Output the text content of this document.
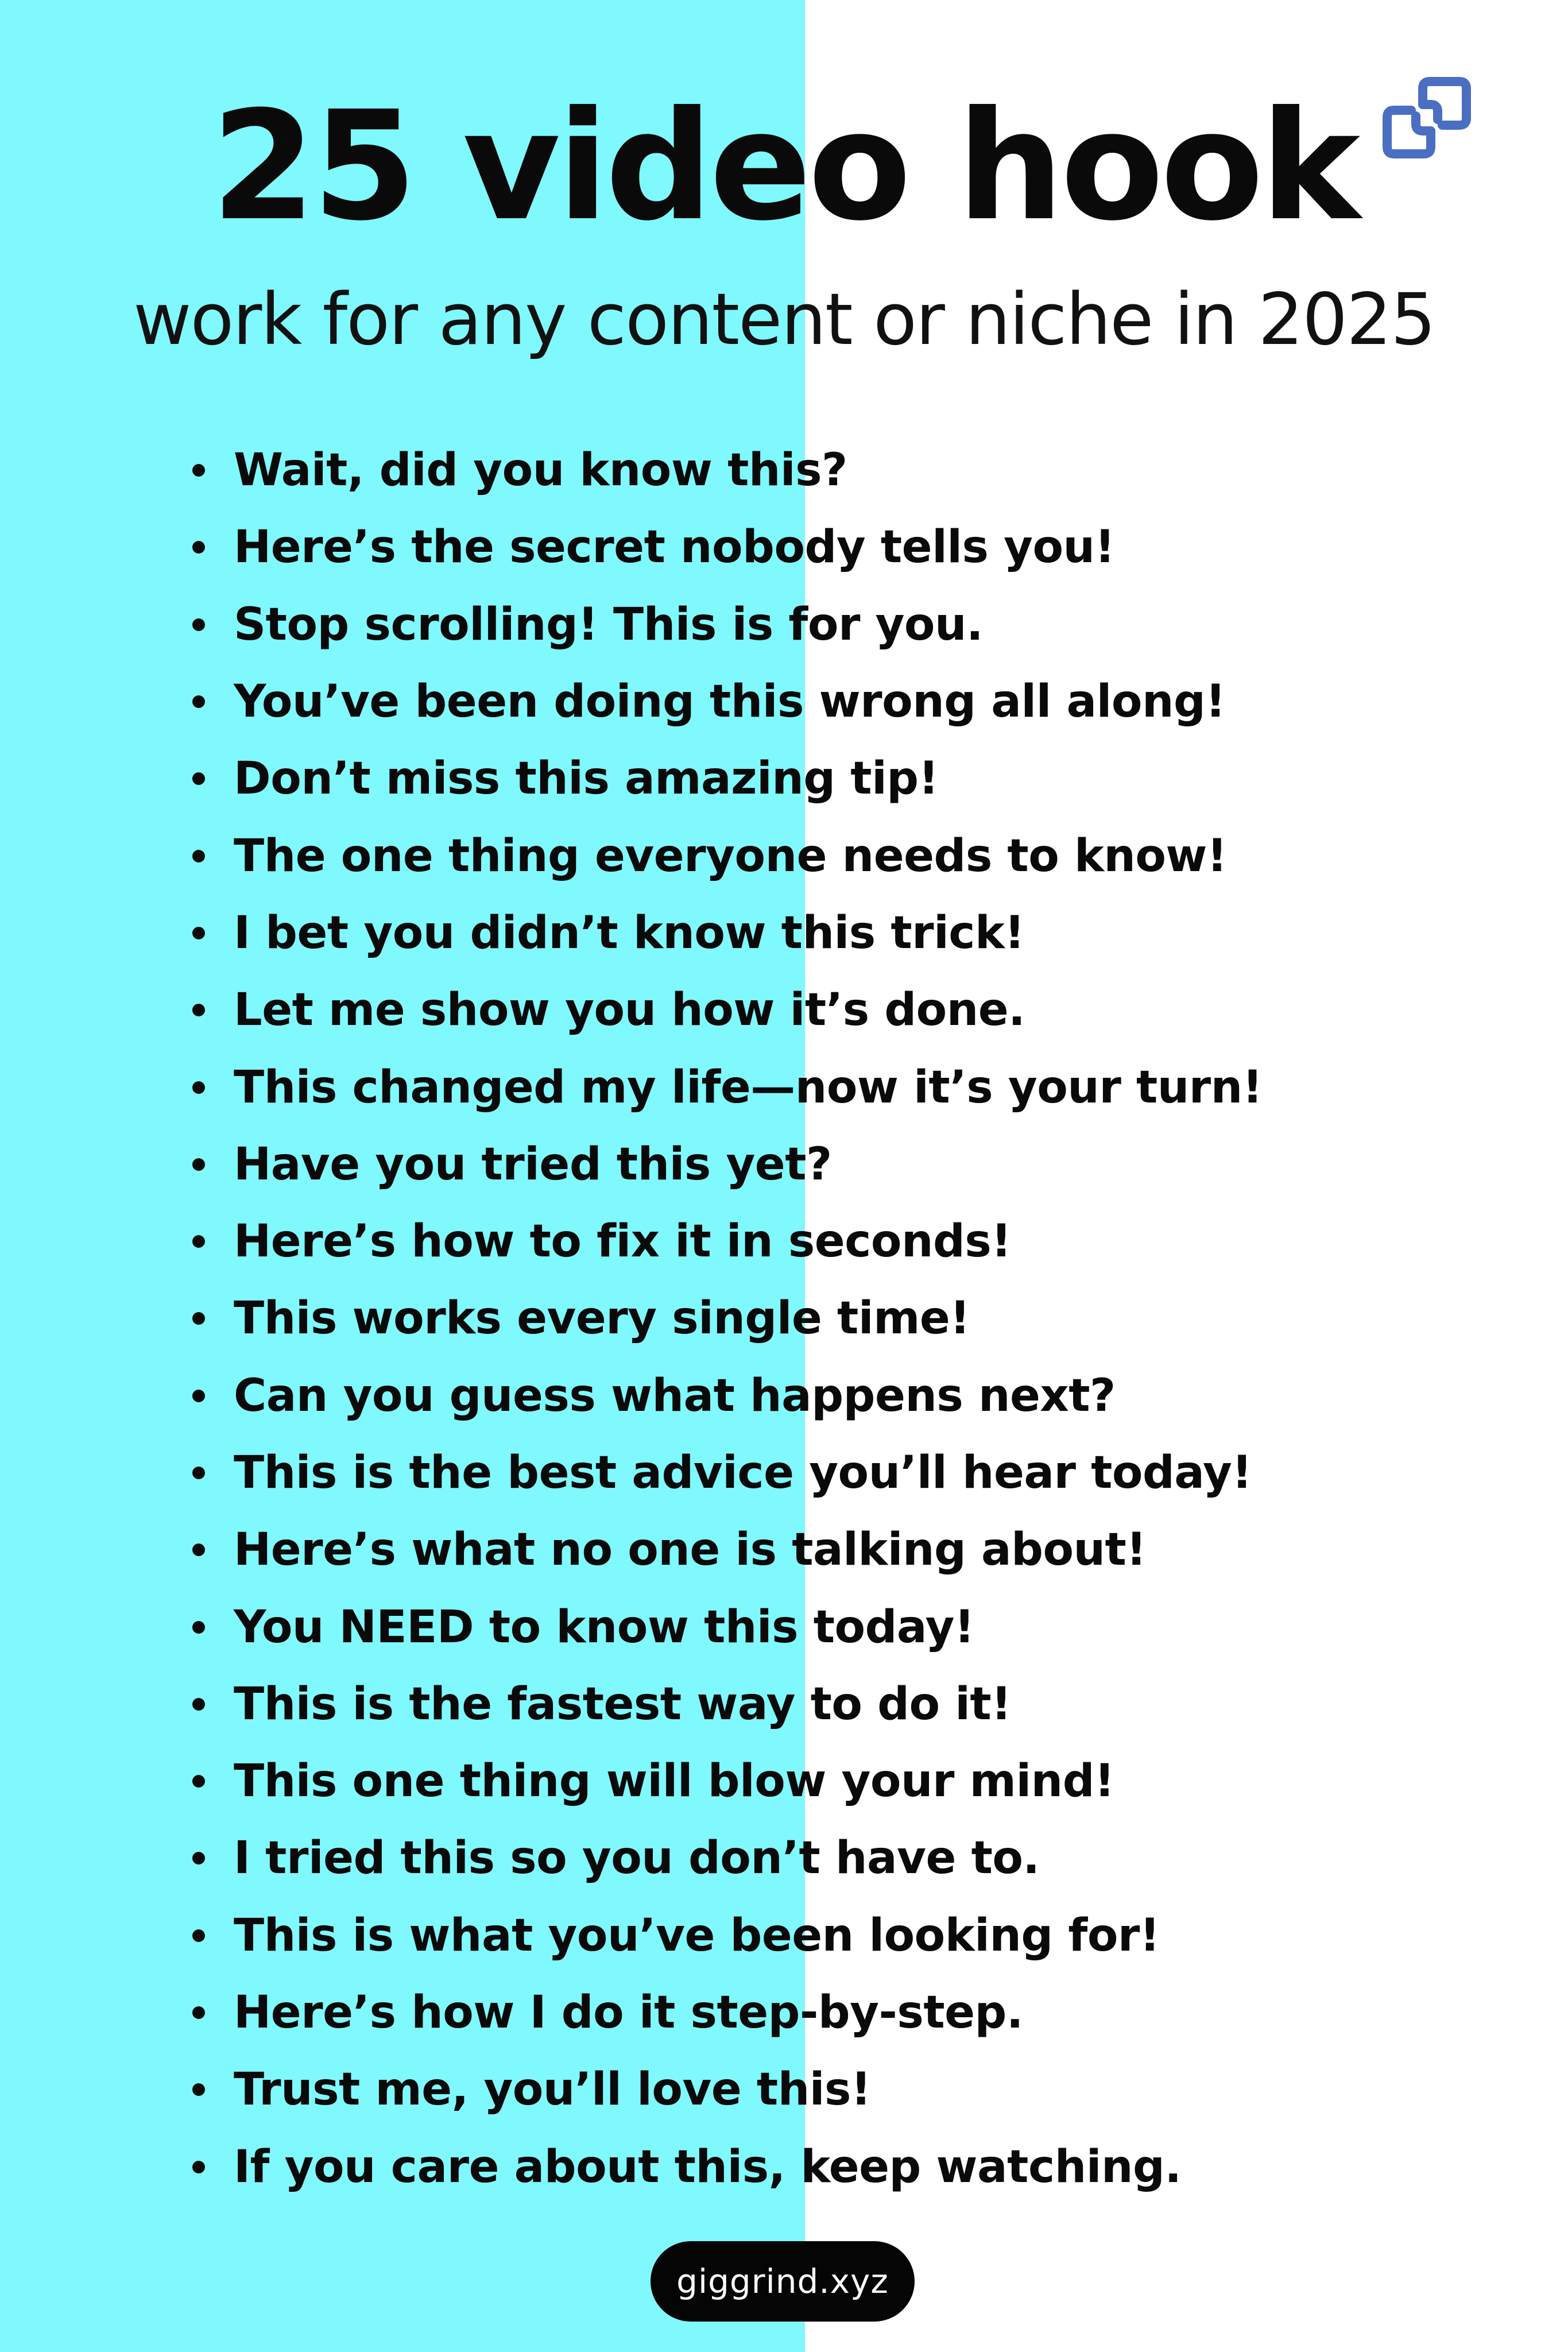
25 video hook

work for any content or niche in 2025

Wait, did you know this?
Here’s the secret nobody tells you!
Stop scrolling! This is for you.
You’ve been doing this wrong all along!
Don’t miss this amazing tip!
The one thing everyone needs to know!
I bet you didn’t know this trick!
Let me show you how it’s done.
This changed my life—now it’s your turn!
Have you tried this yet?
Here’s how to fix it in seconds!
This works every single time!
Can you guess what happens next?
This is the best advice you’ll hear today!
Here’s what no one is talking about!
You NEED to know this today!
This is the fastest way to do it!
This one thing will blow your mind!
I tried this so you don’t have to.
This is what you’ve been looking for!
Here’s how I do it step-by-step.
Trust me, you’ll love this!
If you care about this, keep watching.
giggrind.xyz
